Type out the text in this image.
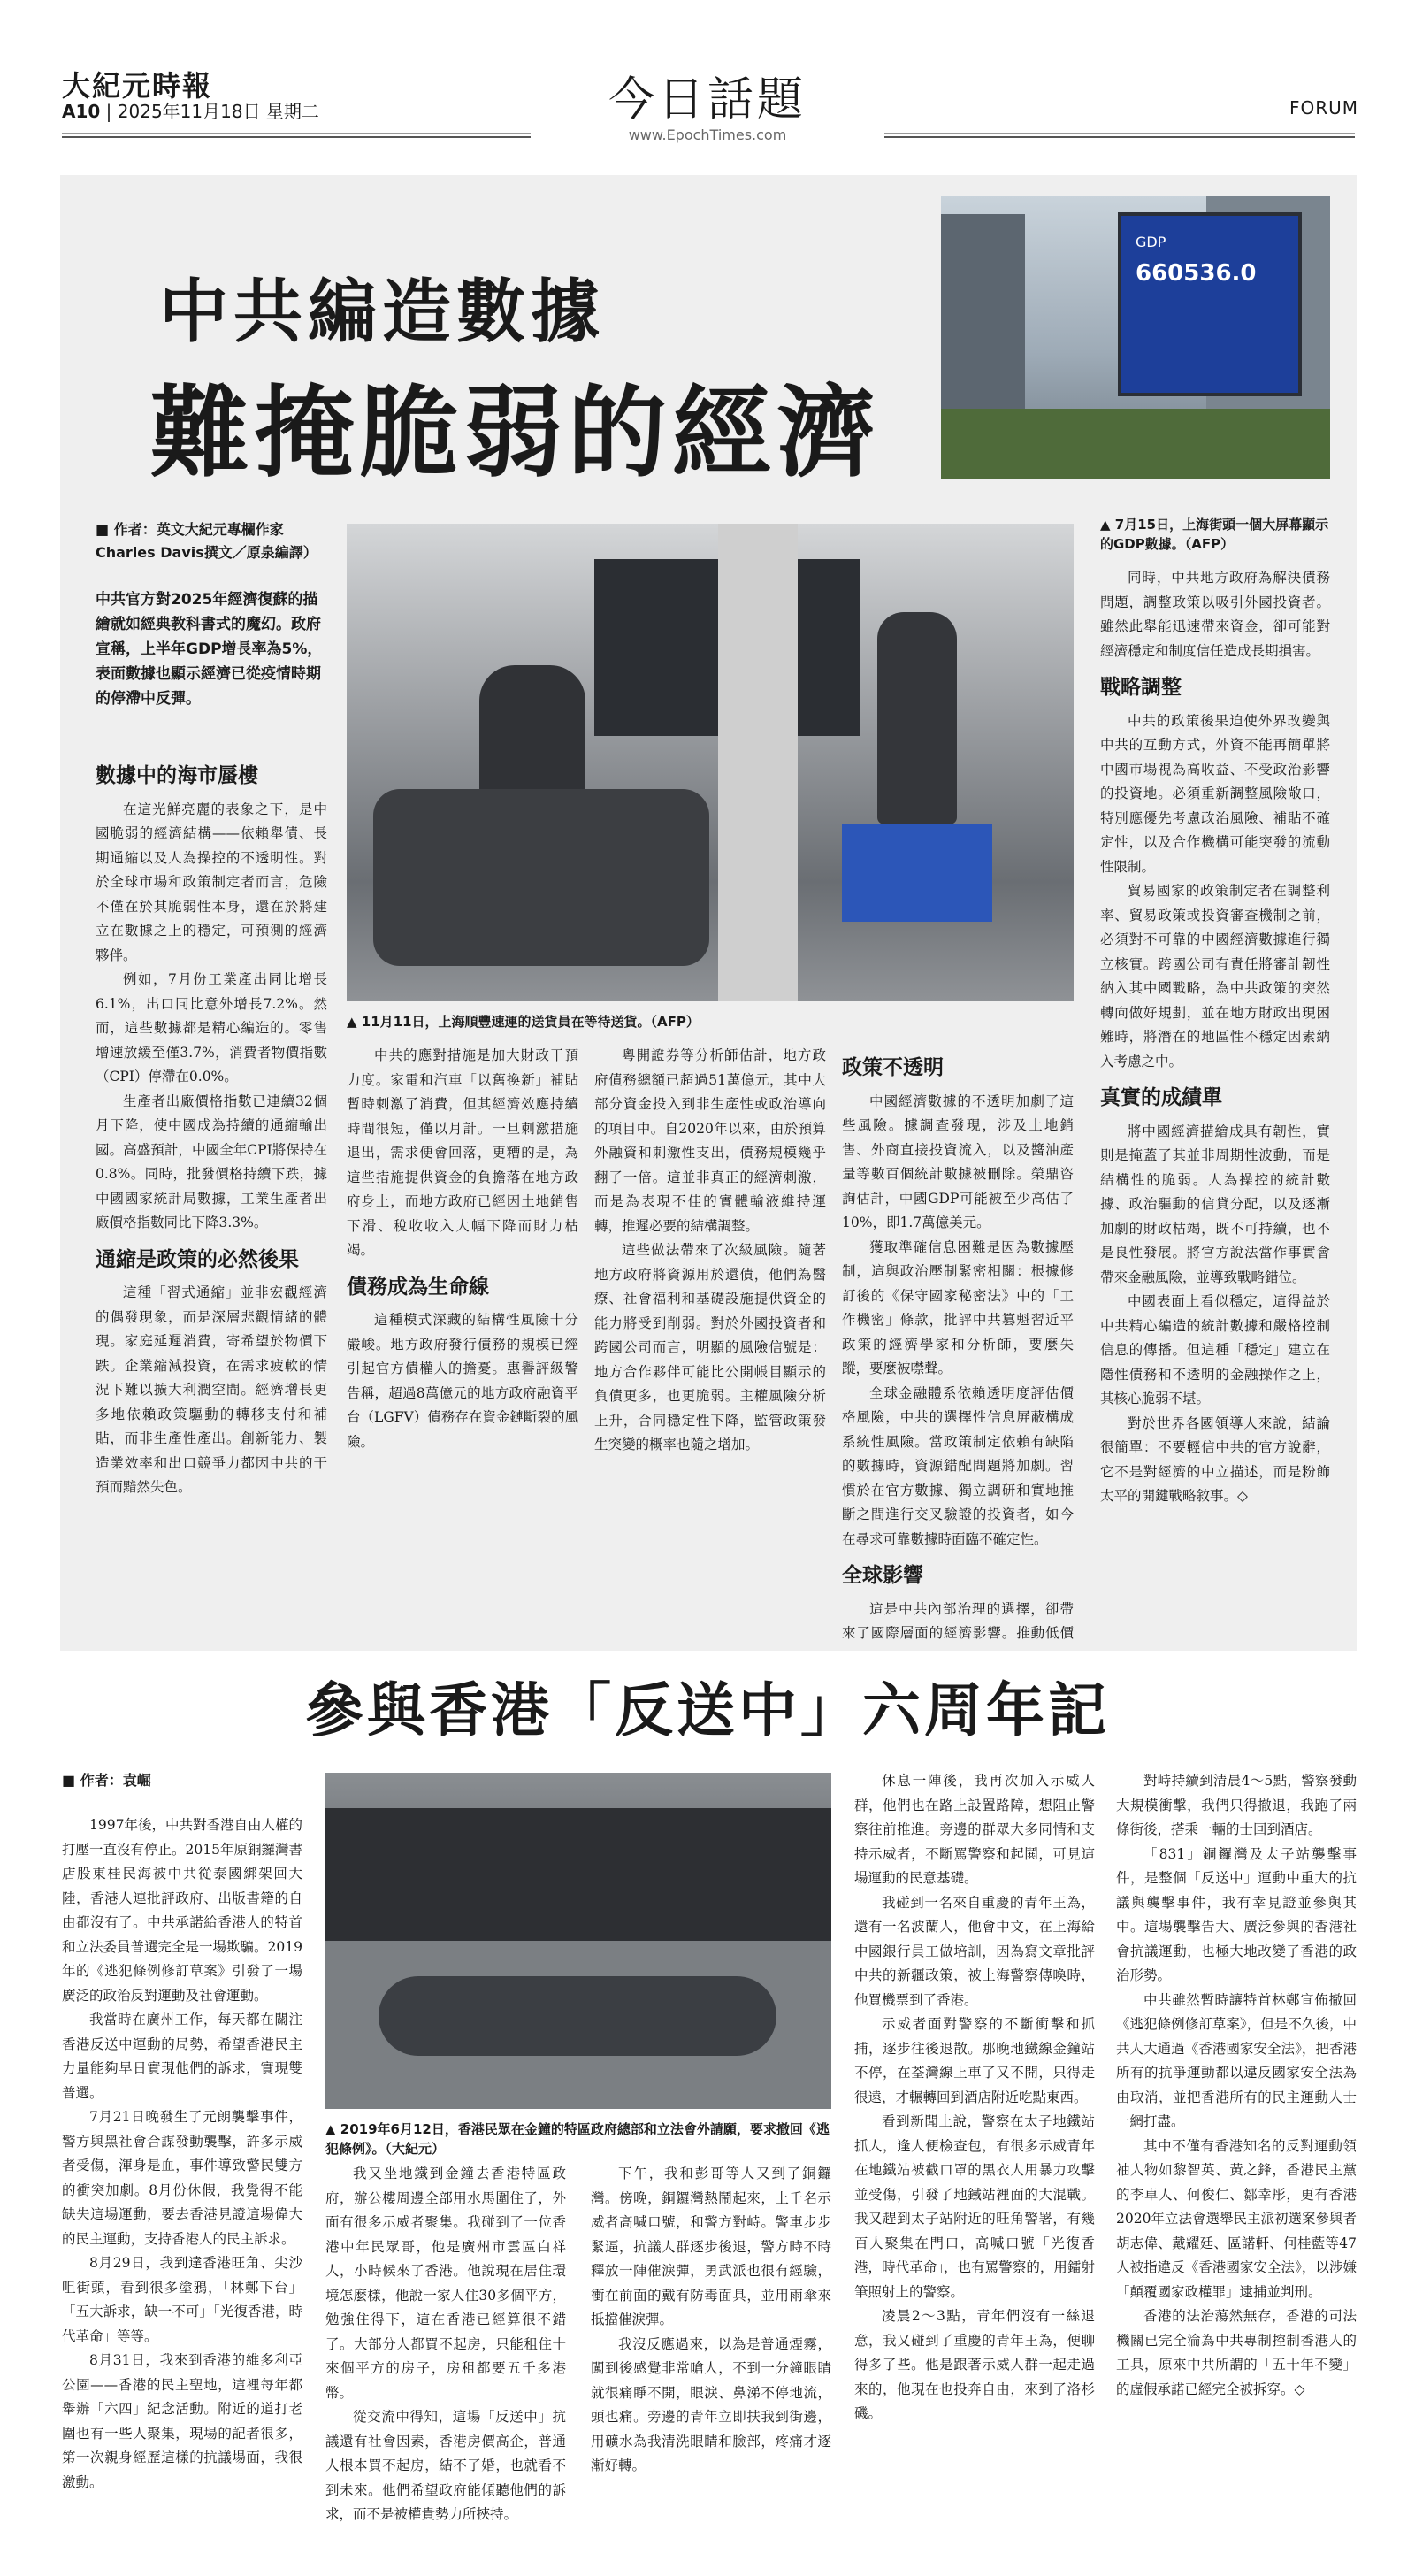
大紀元時報
A10 | 2025年11月18日 星期二	今日話題	FORUM
www.EpochTimes.com
中共編造數據
難掩脆弱的經濟
GDP
660536.0
▲ 7月15日，上海街頭一個大屏幕顯示的GDP數據。（AFP）
▲ 11月11日，上海順豐速運的送貨員在等待送貨。（AFP）
■ 作者：英文大紀元專欄作家 Charles Davis撰文／原泉編譯）
中共官方對2025年經濟復蘇的描繪就如經典教科書式的魔幻。政府宣稱，上半年GDP增長率為5%，表面數據也顯示經濟已從疫情時期的停滯中反彈。
數據中的海市蜃樓

在這光鮮亮麗的表象之下，是中國脆弱的經濟結構——依賴舉債、長期通縮以及人為操控的不透明性。對於全球市場和政策制定者而言，危險不僅在於其脆弱性本身，還在於將建立在數據之上的穩定，可預測的經濟夥伴。

例如，7月份工業產出同比增長6.1%，出口同比意外增長7.2%。然而，這些數據都是精心編造的。零售增速放緩至僅3.7%，消費者物價指數（CPI）停滯在0.0%。

生產者出廠價格指數已連續32個月下降，使中國成為持續的通縮輸出國。高盛預計，中國全年CPI將保持在0.8%。同時，批發價格持續下跌，據中國國家統計局數據，工業生產者出廠價格指數同比下降3.3%。

通縮是政策的必然後果

這種「習式通縮」並非宏觀經濟的偶發現象，而是深層悲觀情緒的體現。家庭延遲消費，寄希望於物價下跌。企業縮減投資，在需求疲軟的情況下難以擴大利潤空間。經濟增長更多地依賴政策驅動的轉移支付和補貼，而非生產性產出。創新能力、製造業效率和出口競爭力都因中共的干預而黯然失色。

中共的應對措施是加大財政干預力度。家電和汽車「以舊換新」補貼暫時刺激了消費，但其經濟效應持續時間很短，僅以月計。一旦刺激措施退出，需求便會回落，更糟的是，為這些措施提供資金的負擔落在地方政府身上，而地方政府已經因土地銷售下滑、稅收收入大幅下降而財力枯竭。

債務成為生命線

這種模式深藏的結構性風險十分嚴峻。地方政府發行債務的規模已經引起官方債權人的擔憂。惠譽評級警告稱，超過8萬億元的地方政府融資平台（LGFV）債務存在資金鏈斷裂的風險。

粵開證券等分析師估計，地方政府債務總額已超過51萬億元，其中大部分資金投入到非生產性或政治導向的項目中。自2020年以來，由於預算外融資和刺激性支出，債務規模幾乎翻了一倍。這並非真正的經濟刺激，而是為表現不佳的實體輸液維持運轉，推遲必要的結構調整。

這些做法帶來了次級風險。隨著地方政府將資源用於還債，他們為醫療、社會福利和基礎設施提供資金的能力將受到削弱。對於外國投資者和跨國公司而言，明顯的風險信號是：地方合作夥伴可能比公開帳目顯示的負債更多，也更脆弱。主權風險分析上升，合同穩定性下降，監管政策發生突變的概率也隨之增加。

政策不透明

中國經濟數據的不透明加劇了這些風險。據調查發現，涉及土地銷售、外商直接投資流入，以及醬油產量等數百個統計數據被刪除。榮鼎咨詢估計，中國GDP可能被至少高估了10%，即1.7萬億美元。

獲取準確信息困難是因為數據壓制，這與政治壓制緊密相關：根據修訂後的《保守國家秘密法》中的「工作機密」條款，批評中共篡魁習近平政策的經濟學家和分析師，要麼失蹤，要麼被噤聲。

全球金融體系依賴透明度評估價格風險，中共的選擇性信息屏蔽構成系統性風險。當政策制定依賴有缺陷的數據時，資源錯配問題將加劇。習慣於在官方數據、獨立調研和實地推斷之間進行交叉驗證的投資者，如今在尋求可靠數據時面臨不確定性。

全球影響

這是中共內部治理的選擇，卻帶來了國際層面的經濟影響。推動低價

同時，中共地方政府為解決債務問題，調整政策以吸引外國投資者。雖然此舉能迅速帶來資金，卻可能對經濟穩定和制度信任造成長期損害。

戰略調整

中共的政策後果迫使外界改變與中共的互動方式，外資不能再簡單將中國市場視為高收益、不受政治影響的投資地。必須重新調整風險敞口，特別應優先考慮政治風險、補貼不確定性，以及合作機構可能突發的流動性限制。

貿易國家的政策制定者在調整利率、貿易政策或投資審查機制之前，必須對不可靠的中國經濟數據進行獨立核實。跨國公司有責任將審計韌性納入其中國戰略，為中共政策的突然轉向做好規劃，並在地方財政出現困難時，將潛在的地區性不穩定因素納入考慮之中。

真實的成績單

將中國經濟描繪成具有韌性，實則是掩蓋了其並非周期性波動，而是結構性的脆弱。人為操控的統計數據、政治驅動的信貸分配，以及逐漸加劇的財政枯竭，既不可持續，也不是良性發展。將官方說法當作事實會帶來金融風險，並導致戰略錯位。

中國表面上看似穩定，這得益於中共精心編造的統計數據和嚴格控制信息的傳播。但這種「穩定」建立在隱性債務和不透明的金融操作之上，其核心脆弱不堪。

對於世界各國領導人來說，結論很簡單：不要輕信中共的官方說辭，它不是對經濟的中立描述，而是粉飾太平的開鍵戰略敘事。◇

參與香港「反送中」六周年記
■ 作者：袁崛
▲ 2019年6月12日，香港民眾在金鐘的特區政府總部和立法會外請願，要求撤回《逃犯條例》。（大紀元）

1997年後，中共對香港自由人權的打壓一直沒有停止。2015年原銅鑼灣書店股東桂民海被中共從泰國綁架回大陸，香港人連批評政府、出版書籍的自由都沒有了。中共承諾給香港人的特首和立法委員普選完全是一場欺騙。2019年的《逃犯條例修訂草案》引發了一場廣泛的政治反對運動及社會運動。

我當時在廣州工作，每天都在關注香港反送中運動的局勢，希望香港民主力量能夠早日實現他們的訴求，實現雙普選。

7月21日晚發生了元朗襲擊事件，警方與黑社會合謀發動襲擊，許多示威者受傷，渾身是血，事件導致警民雙方的衝突加劇。8月份休假，我覺得不能缺失這場運動，要去香港見證這場偉大的民主運動，支持香港人的民主訴求。

8月29日，我到達香港旺角、尖沙咀街頭，看到很多塗鴉，「林鄭下台」「五大訴求，缺一不可」「光復香港，時代革命」等等。

8月31日，我來到香港的維多利亞公園——香港的民主聖地，這裡每年都舉辦「六四」紀念活動。附近的道打老圍也有一些人聚集，現場的記者很多，第一次親身經歷這樣的抗議場面，我很激動。

我又坐地鐵到金鐘去香港特區政府，辦公樓周邊全部用水馬圍住了，外面有很多示威者聚集。我碰到了一位香港中年民眾哥，他是廣州市雲區白祥人，小時候來了香港。他說現在居住環境怎麼樣，他說一家人住30多個平方，勉強住得下，這在香港已經算很不錯了。大部分人都買不起房，只能租住十來個平方的房子，房租都要五千多港幣。

從交流中得知，這場「反送中」抗議還有社會因素，香港房價高企，普通人根本買不起房，結不了婚，也就看不到未來。他們希望政府能傾聽他們的訴求，而不是被權貴勢力所挾持。

下午，我和彭哥等人又到了銅鑼灣。傍晚，銅鑼灣熱鬧起來，上千名示威者高喊口號，和警方對峙。警車步步緊逼，抗議人群逐步後退，警方時不時釋放一陣催淚彈，勇武派也很有經驗，衝在前面的戴有防毒面具，並用雨傘來抵擋催淚彈。

我沒反應過來，以為是普通煙霧，闖到後感覺非常嗆人，不到一分鐘眼睛就很痛睜不開，眼淚、鼻涕不停地流，頭也痛。旁邊的青年立即扶我到街邊，用礦水為我清洗眼睛和臉部，疼痛才逐漸好轉。

休息一陣後，我再次加入示威人群，他們也在路上設置路障，想阻止警察往前推進。旁邊的群眾大多同情和支持示威者，不斷罵警察和起鬨，可見這場運動的民意基礎。

我碰到一名來自重慶的青年王為，還有一名波蘭人，他會中文，在上海給中國銀行員工做培訓，因為寫文章批評中共的新疆政策，被上海警察傳喚時，他買機票到了香港。

示威者面對警察的不斷衝擊和抓捕，逐步往後退散。那晚地鐵線金鐘站不停，在荃灣線上車了又不開，只得走很遠，才輾轉回到酒店附近吃點東西。

看到新聞上說，警察在太子地鐵站抓人，逢人便檢查包，有很多示威青年在地鐵站被截口罩的黑衣人用暴力攻擊並受傷，引發了地鐵站裡面的大混戰。我又趕到太子站附近的旺角警署，有幾百人聚集在門口，高喊口號「光復香港，時代革命」，也有罵警察的，用鐳射筆照射上的警察。

凌晨2～3點，青年們沒有一絲退意，我又碰到了重慶的青年王為，便聊得多了些。他是跟著示威人群一起走過來的，他現在也投奔自由，來到了洛杉磯。

對峙持續到清晨4～5點，警察發動大規模衝擊，我們只得撤退，我跑了兩條街後，搭乘一輛的士回到酒店。

「831」銅鑼灣及太子站襲擊事件，是整個「反送中」運動中重大的抗議與襲擊事件，我有幸見證並參與其中。這場襲擊告大、廣泛參與的香港社會抗議運動，也極大地改變了香港的政治形勢。

中共雖然暫時讓特首林鄭宣佈撤回《逃犯條例修訂草案》，但是不久後，中共人大通過《香港國家安全法》，把香港所有的抗爭運動都以違反國家安全法為由取消，並把香港所有的民主運動人士一網打盡。

其中不僅有香港知名的反對運動領袖人物如黎智英、黃之鋒，香港民主黨的李卓人、何俊仁、鄒幸彤，更有香港2020年立法會選舉民主派初選案參與者胡志偉、戴耀廷、區諾軒、何桂藍等47人被指違反《香港國家安全法》，以涉嫌「顛覆國家政權罪」逮捕並判刑。

香港的法治蕩然無存，香港的司法機關已完全淪為中共專制控制香港人的工具，原來中共所謂的「五十年不變」的虛假承諾已經完全被拆穿。◇
